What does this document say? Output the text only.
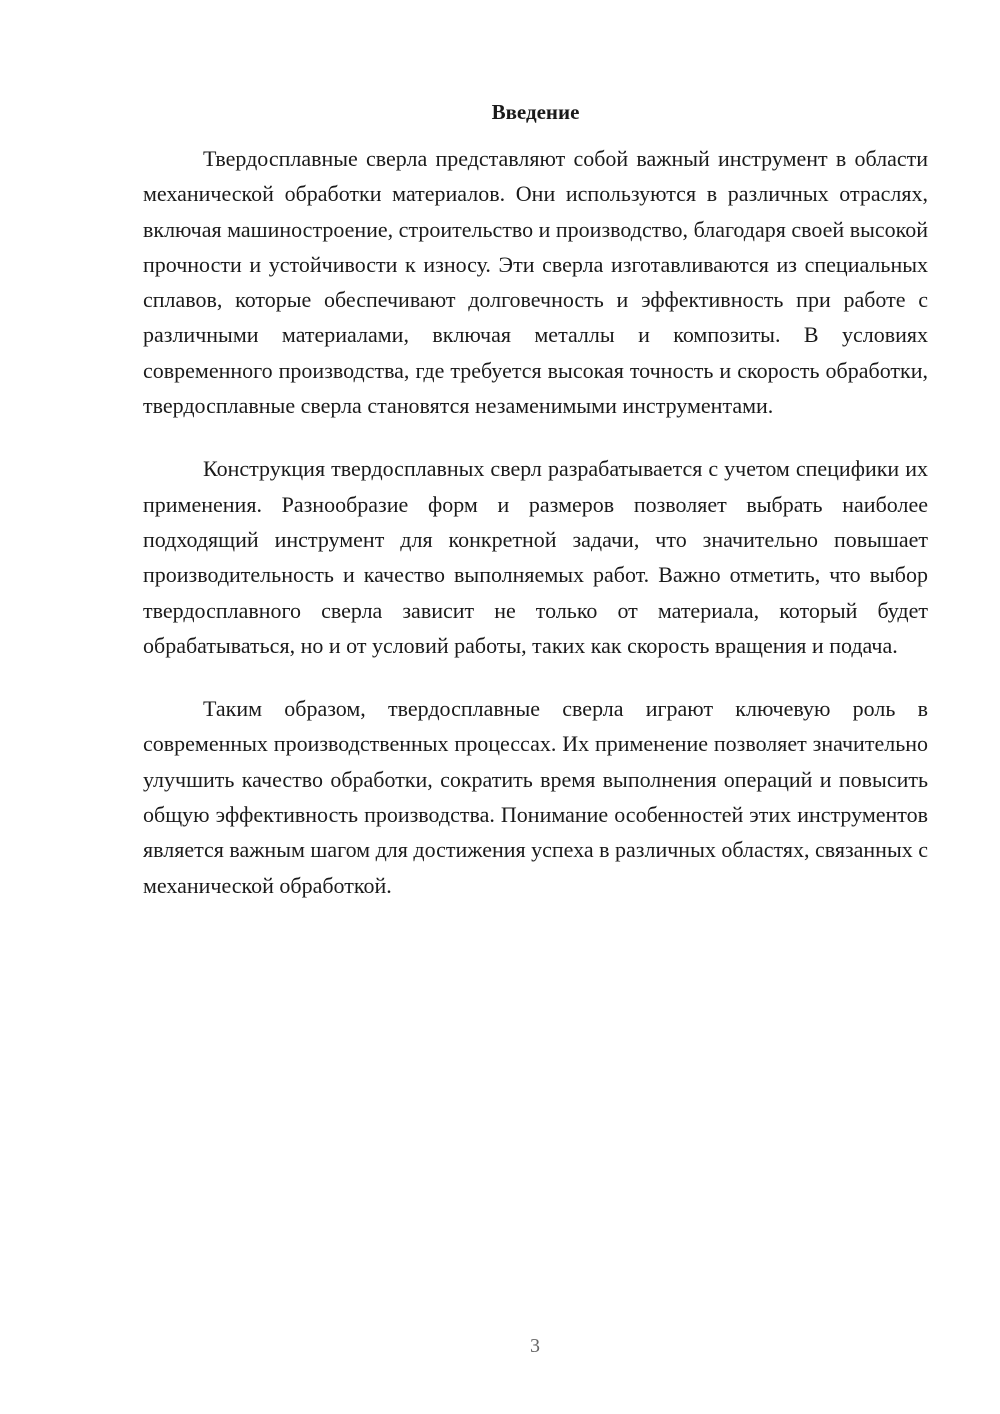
Введение

Твердосплавные сверла представляют собой важный инструмент в области механической обработки материалов. Они используются в различных отраслях, включая машиностроение, строительство и производство, благодаря своей высокой прочности и устойчивости к износу. Эти сверла изготавливаются из специальных сплавов, которые обеспечивают долговечность и эффективность при работе с различными материалами, включая металлы и композиты. В условиях современного производства, где требуется высокая точность и скорость обработки, твердосплавные сверла становятся незаменимыми инструментами.

Конструкция твердосплавных сверл разрабатывается с учетом специфики их применения. Разнообразие форм и размеров позволяет выбрать наиболее подходящий инструмент для конкретной задачи, что значительно повышает производительность и качество выполняемых работ. Важно отметить, что выбор твердосплавного сверла зависит не только от материала, который будет обрабатываться, но и от условий работы, таких как скорость вращения и подача.

Таким образом, твердосплавные сверла играют ключевую роль в современных производственных процессах. Их применение позволяет значительно улучшить качество обработки, сократить время выполнения операций и повысить общую эффективность производства. Понимание особенностей этих инструментов является важным шагом для достижения успеха в различных областях, связанных с механической обработкой.

3
